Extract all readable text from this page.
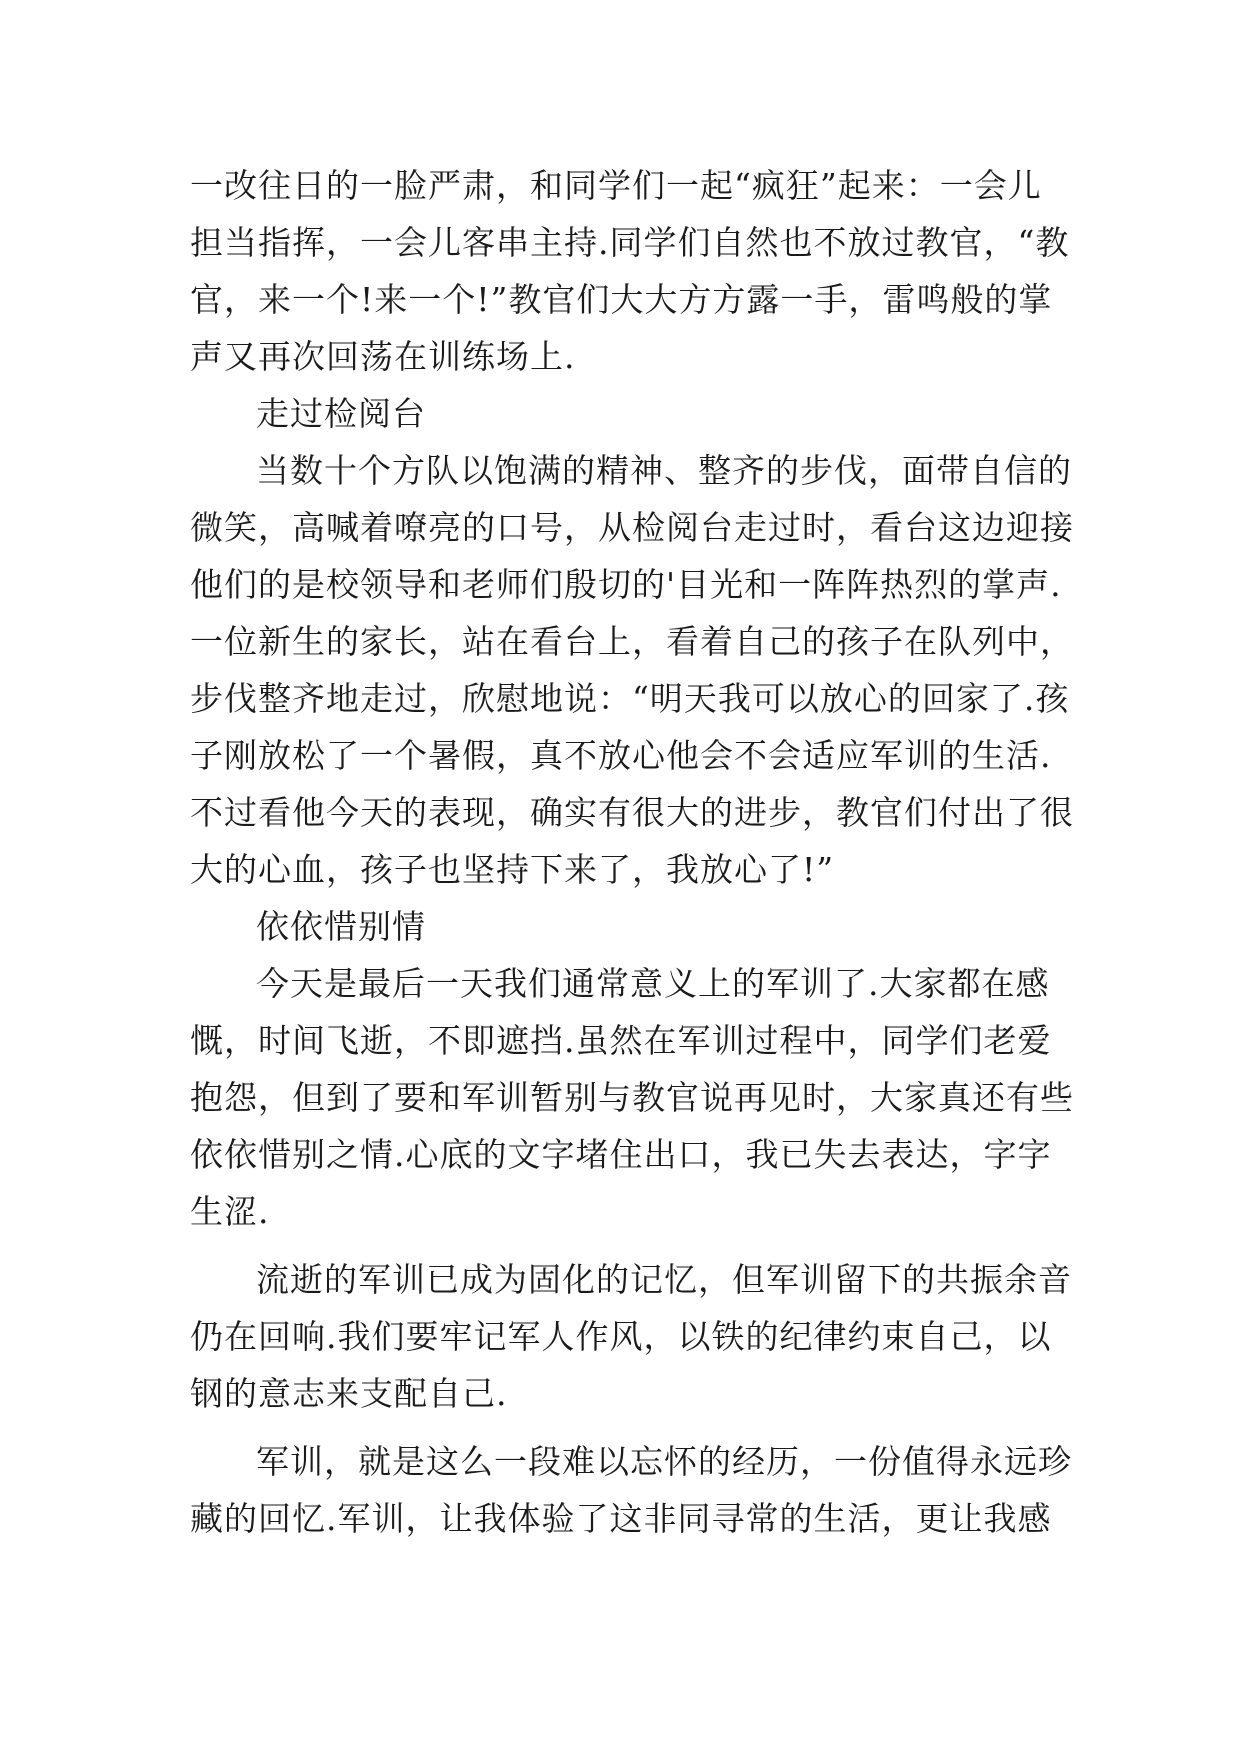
一改往日的一脸严肃，和同学们一起“疯狂”起来：一会儿
担当指挥，一会儿客串主持.同学们自然也不放过教官，“教
官，来一个!来一个!”教官们大大方方露一手，雷鸣般的掌
声又再次回荡在训练场上.
走过检阅台
当数十个方队以饱满的精神、整齐的步伐，面带自信的
微笑，高喊着嘹亮的口号，从检阅台走过时，看台这边迎接
他们的是校领导和老师们殷切的'目光和一阵阵热烈的掌声.
一位新生的家长，站在看台上，看着自己的孩子在队列中，
步伐整齐地走过，欣慰地说：“明天我可以放心的回家了.孩
子刚放松了一个暑假，真不放心他会不会适应军训的生活.
不过看他今天的表现，确实有很大的进步，教官们付出了很
大的心血，孩子也坚持下来了，我放心了!”
依依惜别情
今天是最后一天我们通常意义上的军训了.大家都在感
慨，时间飞逝，不即遮挡.虽然在军训过程中，同学们老爱
抱怨，但到了要和军训暂别与教官说再见时，大家真还有些
依依惜别之情.心底的文字堵住出口，我已失去表达，字字
生涩.
流逝的军训已成为固化的记忆，但军训留下的共振余音
仍在回响.我们要牢记军人作风，以铁的纪律约束自己，以
钢的意志来支配自己.
军训，就是这么一段难以忘怀的经历，一份值得永远珍
藏的回忆.军训，让我体验了这非同寻常的生活，更让我感
